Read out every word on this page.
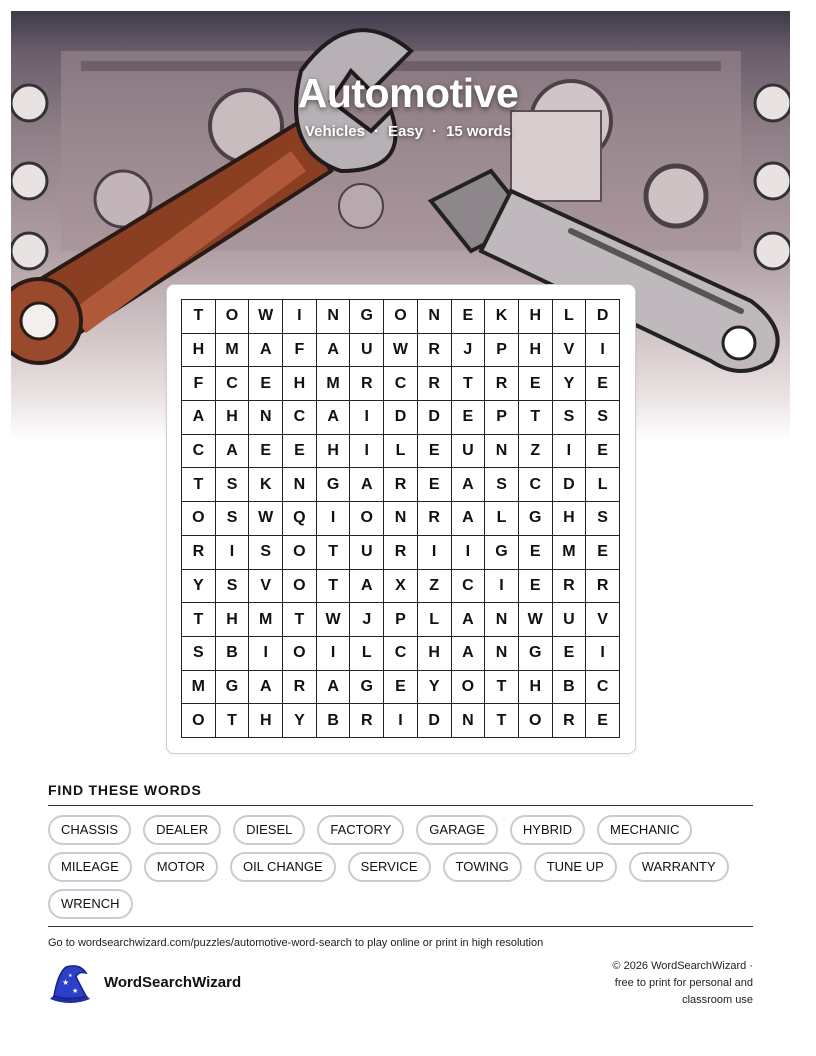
Automotive
Vehicles · Easy · 15 words
T	O	W	I	N	G	O	N	E	K	H	L	D
H	M	A	F	A	U	W	R	J	P	H	V	I
F	C	E	H	M	R	C	R	T	R	E	Y	E
A	H	N	C	A	I	D	D	E	P	T	S	S
C	A	E	E	H	I	L	E	U	N	Z	I	E
T	S	K	N	G	A	R	E	A	S	C	D	L
O	S	W	Q	I	O	N	R	A	L	G	H	S
R	I	S	O	T	U	R	I	I	G	E	M	E
Y	S	V	O	T	A	X	Z	C	I	E	R	R
T	H	M	T	W	J	P	L	A	N	W	U	V
S	B	I	O	I	L	C	H	A	N	G	E	I
M	G	A	R	A	G	E	Y	O	T	H	B	C
O	T	H	Y	B	R	I	D	N	T	O	R	E
FIND THESE WORDS
CHASSIS	DEALER	DIESEL	FACTORY	GARAGE	HYBRID	MECHANIC
MILEAGE	MOTOR	OIL CHANGE	SERVICE	TOWING	TUNE UP	WARRANTY
WRENCH
Go to wordsearchwizard.com/puzzles/automotive-word-search to play online or print in high resolution
★
★
★ WordSearchWizard
© 2026 WordSearchWizard ·
free to print for personal and
classroom use
